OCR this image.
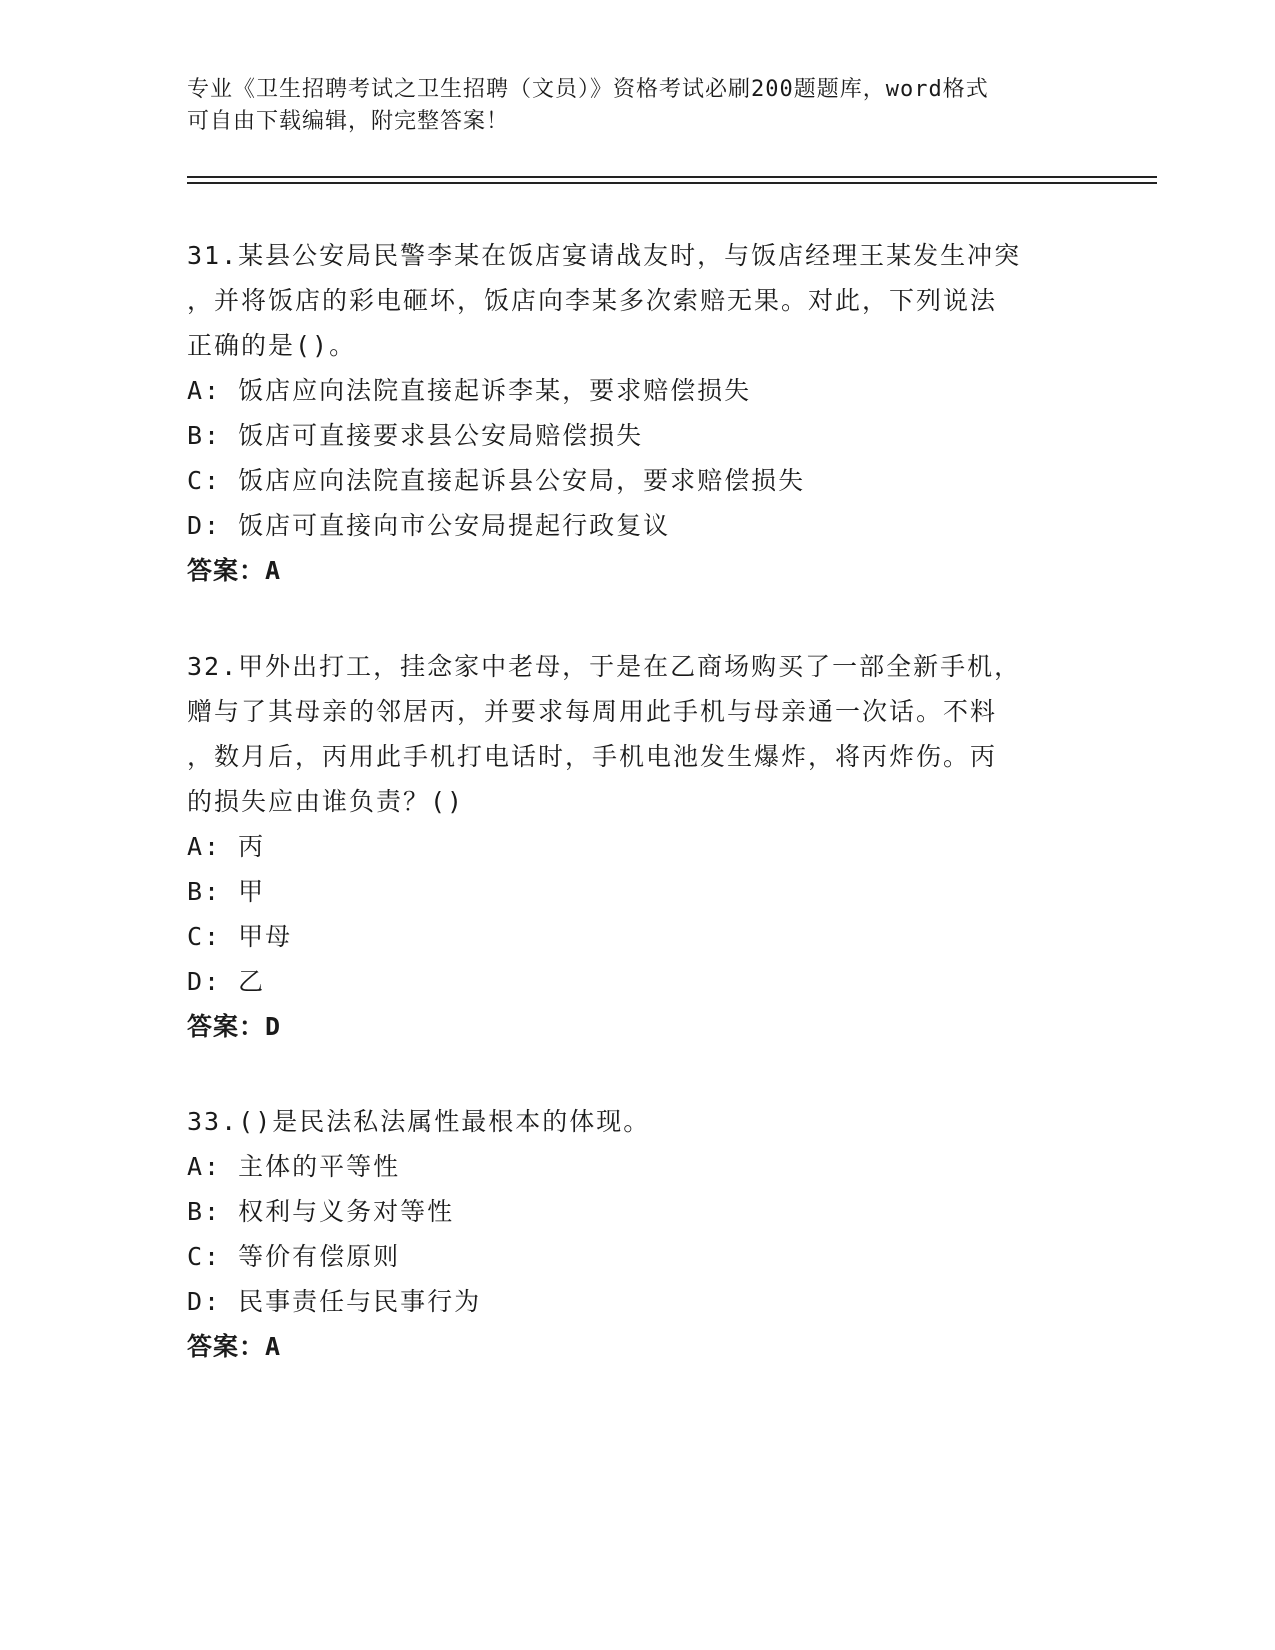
专业《卫生招聘考试之卫生招聘（文员）》资格考试必刷200题题库，word格式
可自由下载编辑，附完整答案！

31.某县公安局民警李某在饭店宴请战友时，与饭店经理王某发生冲突
，并将饭店的彩电砸坏，饭店向李某多次索赔无果。对此，下列说法
正确的是()。

A: 饭店应向法院直接起诉李某，要求赔偿损失

B: 饭店可直接要求县公安局赔偿损失

C: 饭店应向法院直接起诉县公安局，要求赔偿损失

D: 饭店可直接向市公安局提起行政复议

答案：A

32.甲外出打工，挂念家中老母，于是在乙商场购买了一部全新手机，
赠与了其母亲的邻居丙，并要求每周用此手机与母亲通一次话。不料
，数月后，丙用此手机打电话时，手机电池发生爆炸，将丙炸伤。丙
的损失应由谁负责？()

A: 丙

B: 甲

C: 甲母

D: 乙

答案：D

33.()是民法私法属性最根本的体现。

A: 主体的平等性

B: 权利与义务对等性

C: 等价有偿原则

D: 民事责任与民事行为

答案：A
